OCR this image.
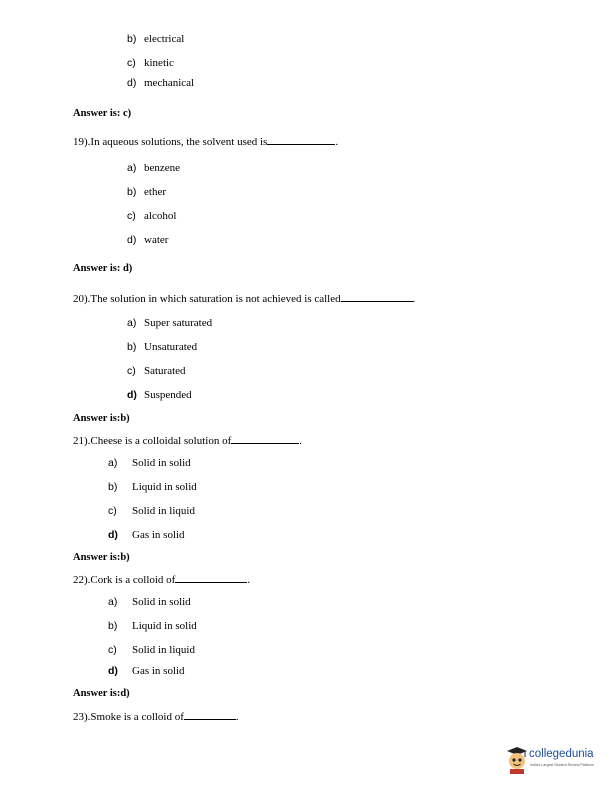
b) electrical
c) kinetic
d) mechanical
Answer is: c)
19).In aqueous solutions, the solvent used is	.
a) benzene
b) ether
c) alcohol
d) water
Answer is: d)
20).The solution in which saturation is not achieved is called	.
a) Super saturated
b) Unsaturated
c) Saturated
d) Suspended
Answer is:b)
21).Cheese is a colloidal solution of	.
a) Solid in solid
b) Liquid in solid
c) Solid in liquid
d) Gas in solid
Answer is:b)
22).Cork is a colloid of	.
a) Solid in solid
b) Liquid in solid
c) Solid in liquid
d) Gas in solid
Answer is:d)
23).Smoke is a colloid of	.
collegedunia
India's Largest Student Review Platform
